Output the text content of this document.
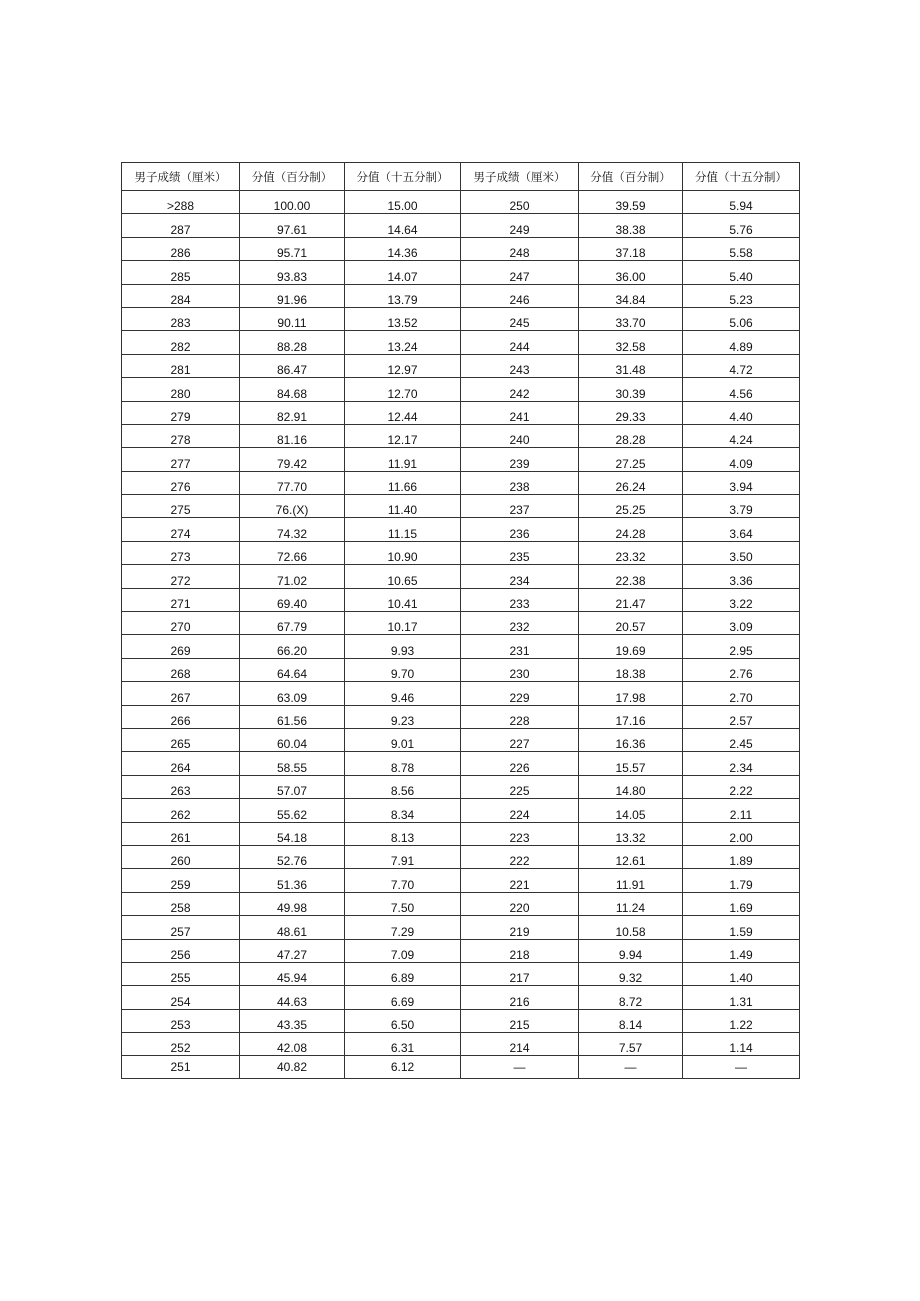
男子成绩（厘米）	分值（百分制）	分值（十五分制）	男子成绩（厘米）	分值（百分制）	分值（十五分制）
>288	100.00	15.00	250	39.59	5.94
287	97.61	14.64	249	38.38	5.76
286	95.71	14.36	248	37.18	5.58
285	93.83	14.07	247	36.00	5.40
284	91.96	13.79	246	34.84	5.23
283	90.11	13.52	245	33.70	5.06
282	88.28	13.24	244	32.58	4.89
281	86.47	12.97	243	31.48	4.72
280	84.68	12.70	242	30.39	4.56
279	82.91	12.44	241	29.33	4.40
278	81.16	12.17	240	28.28	4.24
277	79.42	11.91	239	27.25	4.09
276	77.70	11.66	238	26.24	3.94
275	76.(X)	11.40	237	25.25	3.79
274	74.32	11.15	236	24.28	3.64
273	72.66	10.90	235	23.32	3.50
272	71.02	10.65	234	22.38	3.36
271	69.40	10.41	233	21.47	3.22
270	67.79	10.17	232	20.57	3.09
269	66.20	9.93	231	19.69	2.95
268	64.64	9.70	230	18.38	2.76
267	63.09	9.46	229	17.98	2.70
266	61.56	9.23	228	17.16	2.57
265	60.04	9.01	227	16.36	2.45
264	58.55	8.78	226	15.57	2.34
263	57.07	8.56	225	14.80	2.22
262	55.62	8.34	224	14.05	2.11
261	54.18	8.13	223	13.32	2.00
260	52.76	7.91	222	12.61	1.89
259	51.36	7.70	221	11.91	1.79
258	49.98	7.50	220	11.24	1.69
257	48.61	7.29	219	10.58	1.59
256	47.27	7.09	218	9.94	1.49
255	45.94	6.89	217	9.32	1.40
254	44.63	6.69	216	8.72	1.31
253	43.35	6.50	215	8.14	1.22
252	42.08	6.31	214	7.57	1.14
251	40.82	6.12	—	—	—
